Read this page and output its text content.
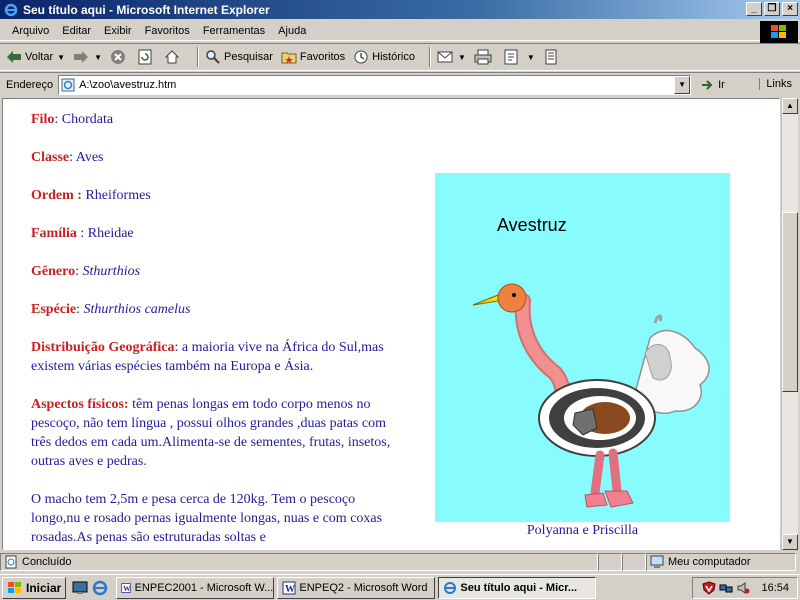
Seu título aqui - Microsoft Internet Explorer	_	❐	×
Arquivo Editar Exibir Favoritos Ferramentas Ajuda
Voltar ▼	▼	Pesquisar Favoritos Histórico	▼	▼
Endereço A:\zoo\avestruz.htm	▼	Ir	Links

Filo: Chordata

Classe: Aves

Ordem : Rheiformes

Família : Rheidae

Gênero: Sthurthios

Espécie: Sthurthios camelus

Distribuição Geográfica: a maioria vive na África do Sul,mas existem várias espécies também na Europa e Ásia.

Aspectos físicos: têm penas longas em todo corpo menos no pescoço, não tem língua , possui olhos grandes ,duas patas com três dedos em cada um.Alimenta-se de sementes, frutas, insetos, outras aves e pedras.

O macho tem 2,5m e pesa cerca de 120kg. Tem o pescoço longo,nu e rosado pernas igualmente longas, nuas e com coxas rosadas.As penas são estruturadas soltas e

Avestruz
Polyanna e Priscilla
▲
▼
Concluído	Meu computador
Iniciar	W ENPEC2001 - Microsoft W... W ENPEQ2 - Microsoft Word	Seu título aqui - Micr...	16:54
